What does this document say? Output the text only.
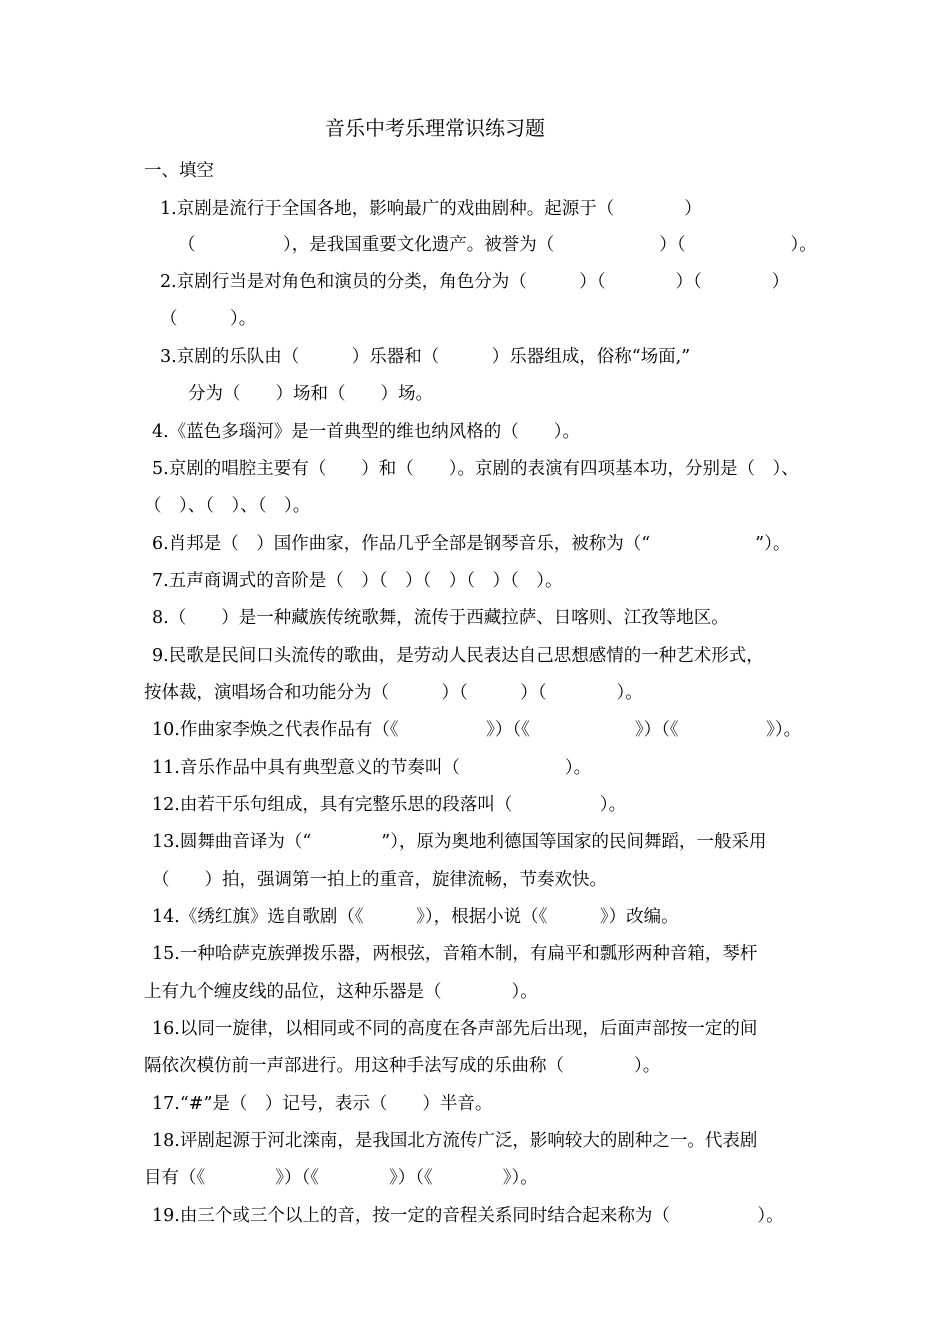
音乐中考乐理常识练习题
一、填空
1.京剧是流行于全国各地，影响最广的戏曲剧种。起源于（　　　　）
（　　　　　），是我国重要文化遗产。被誉为（　　　　　　）（　　　　　　）。
2.京剧行当是对角色和演员的分类，角色分为（　　　）（　　　　）（　　　　）
（　　　）。
3.京剧的乐队由（　　　）乐器和（　　　）乐器组成，俗称“场面,”
分为（　　）场和（　　）场。
4.《蓝色多瑙河》是一首典型的维也纳风格的（　　）。
5.京剧的唱腔主要有（　　）和（　　）。京剧的表演有四项基本功，分别是（　）、
（　）、（　）、（　）。
6.肖邦是（　）国作曲家，作品几乎全部是钢琴音乐，被称为（“　　　　　　”）。
7.五声商调式的音阶是（　）（　）（　）（　）（　）。
8.（　　）是一种藏族传统歌舞，流传于西藏拉萨、日喀则、江孜等地区。
9.民歌是民间口头流传的歌曲，是劳动人民表达自己思想感情的一种艺术形式，
按体裁，演唱场合和功能分为（　　　）（　　　）（　　　　）。
10.作曲家李焕之代表作品有（《　　　　　》）（《　　　　　　》）（《　　　　　》）。
11.音乐作品中具有典型意义的节奏叫（　　　　　　）。
12.由若干乐句组成，具有完整乐思的段落叫（　　　　　）。
13.圆舞曲音译为（“　　　　”），原为奥地利德国等国家的民间舞蹈，一般采用
（　　）拍，强调第一拍上的重音，旋律流畅，节奏欢快。
14.《绣红旗》选自歌剧（《　　　》），根据小说（《　　　》）改编。
15.一种哈萨克族弹拨乐器，两根弦，音箱木制，有扁平和瓢形两种音箱，琴杆
上有九个缠皮线的品位，这种乐器是（　　　　）。
16.以同一旋律，以相同或不同的高度在各声部先后出现，后面声部按一定的间
隔依次模仿前一声部进行。用这种手法写成的乐曲称（　　　　）。
17.“#”是（　）记号，表示（　　）半音。
18.评剧起源于河北滦南，是我国北方流传广泛，影响较大的剧种之一。代表剧
目有（《　　　　》）（《　　　　》）（《　　　　》）。
19.由三个或三个以上的音，按一定的音程关系同时结合起来称为（　　　　　）。
